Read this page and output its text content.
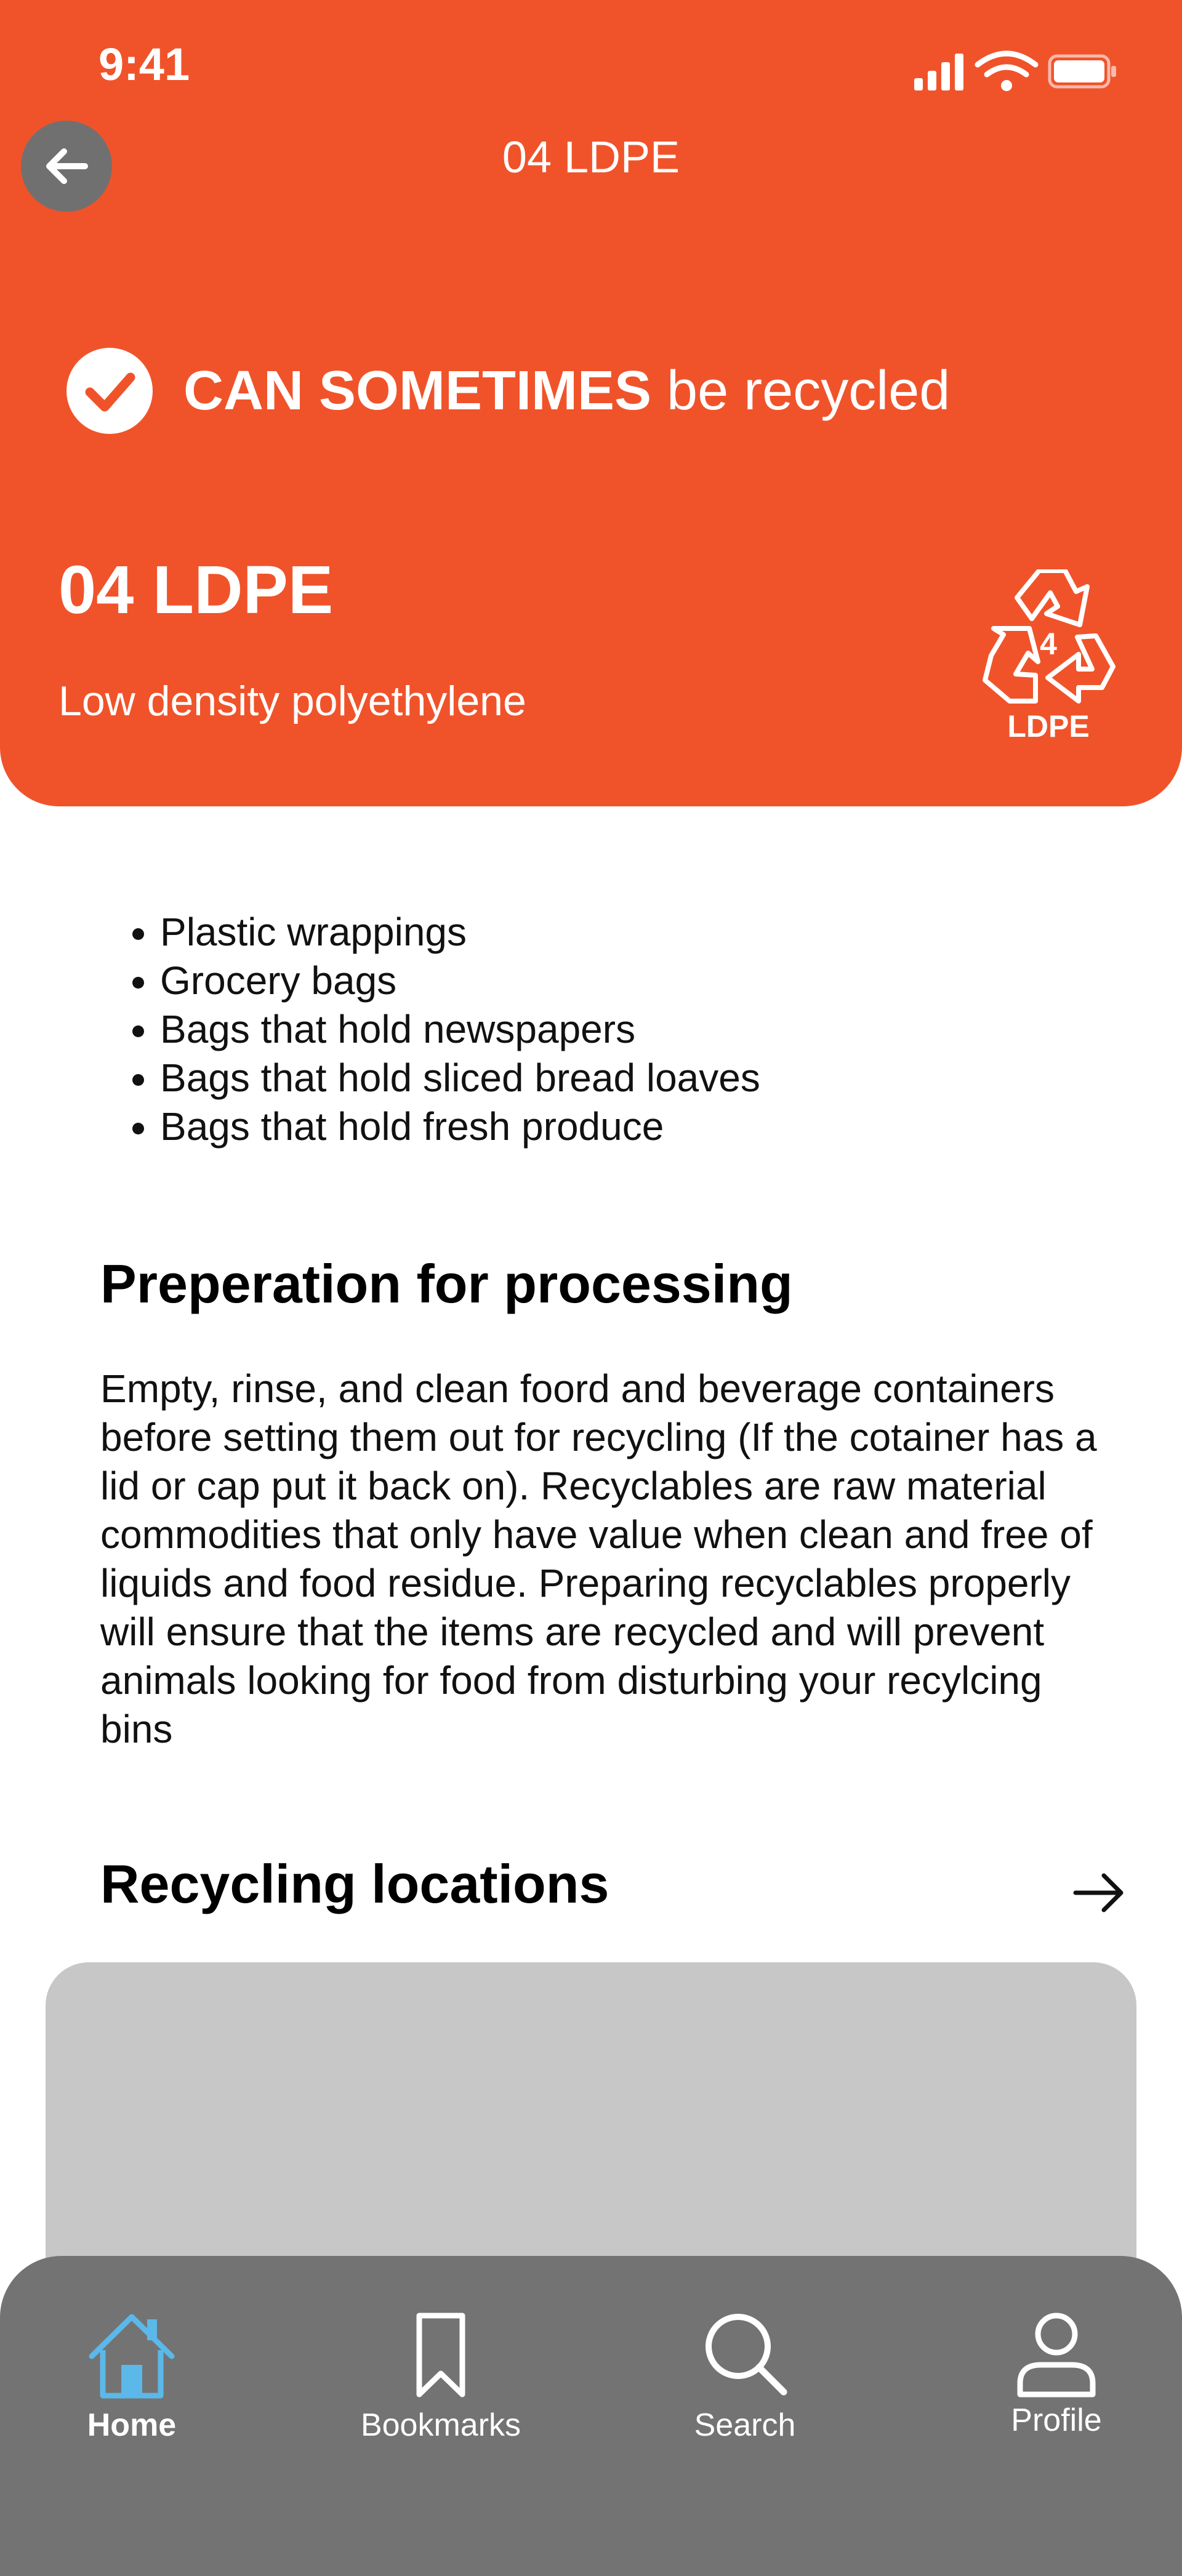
9:41
04 LDPE
CAN SOMETIMES be recycled
04 LDPE
Low density polyethylene
4
LDPE
• Plastic wrappings
• Grocery bags
• Bags that hold newspapers
• Bags that hold sliced bread loaves
• Bags that hold fresh produce
Preperation for processing
Empty, rinse, and clean foord and beverage containers before setting them out for recycling (If the cotainer has a lid or cap put it back on). Recyclables are raw material commodities that only have value when clean and free of liquids and food residue. Preparing recyclables properly will ensure that the items are recycled and will prevent animals looking for food from disturbing your recylcing bins
Recycling locations
Home	Bookmarks	Search	Profile
